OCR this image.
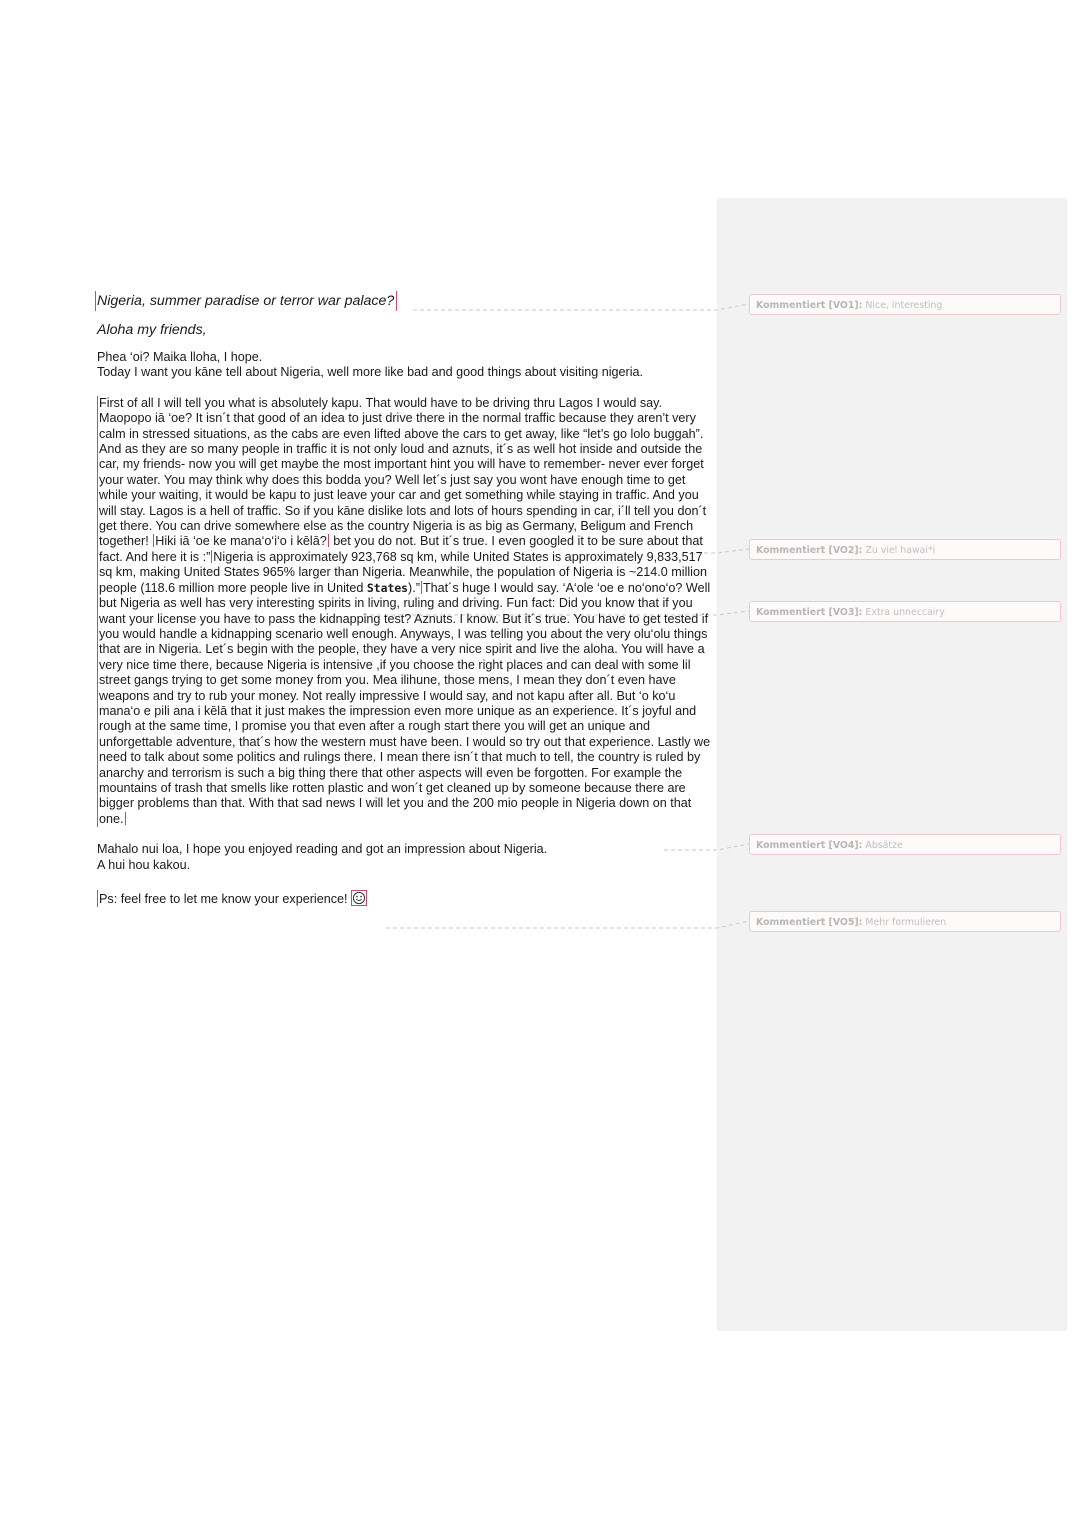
Nigeria, summer paradise or terror war palace?

Aloha my friends,

Phea ‘oi? Maika lloha, I hope.
Today I want you kāne tell about Nigeria, well more like bad and good things about visiting nigeria.

First of all I will tell you what is absolutely kapu. That would have to be driving thru Lagos I would say. Maopopo iā ‘oe? It isn´t that good of an idea to just drive there in the normal traffic because they aren’t very calm in stressed situations, as the cabs are even lifted above the cars to get away, like “let’s go lolo buggah”. And as they are so many people in traffic it is not only loud and aznuts, it´s as well hot inside and outside the car, my friends- now you will get maybe the most important hint you will have to remember- never ever forget your water. You may think why does this bodda you? Well let´s just say you wont have enough time to get while your waiting, it would be kapu to just leave your car and get something while staying in traffic. And you will stay. Lagos is a hell of traffic. So if you kāne dislike lots and lots of hours spending in car, i´ll tell you don´t get there. You can drive somewhere else as the country Nigeria is as big as Germany, Beligum and French together! Hiki iā ‘oe ke mana‘o‘i‘o i kēlā? bet you do not. But it´s true. I even googled it to be sure about that fact. And here it is :” Nigeria is approximately 923,768 sq km, while United States is approximately 9,833,517 sq km, making United States 965% larger than Nigeria. Meanwhile, the population of Nigeria is ~214.0 million people (118.6 million more people live in United States).” That´s huge I would say. ‘A‘ole ‘oe e no‘ono‘o? Well but Nigeria as well has very interesting spirits in living, ruling and driving. Fun fact: Did you know that if you want your license you have to pass the kidnapping test? Aznuts. I know. But it´s true. You have to get tested if you would handle a kidnapping scenario well enough. Anyways, I was telling you about the very olu‘olu things that are in Nigeria. Let´s begin with the people, they have a very nice spirit and live the aloha. You will have a very nice time there, because Nigeria is intensive ,if you choose the right places and can deal with some lil street gangs trying to get some money from you. Mea ilihune, those mens, I mean they don´t even have weapons and try to rub your money. Not really impressive I would say, and not kapu after all. But ‘o ko‘u mana‘o e pili ana i kēlā that it just makes the impression even more unique as an experience. It´s joyful and rough at the same time, I promise you that even after a rough start there you will get an unique and unforgettable adventure, that´s how the western must have been. I would so try out that experience. Lastly we need to talk about some politics and rulings there. I mean there isn´t that much to tell, the country is ruled by anarchy and terrorism is such a big thing there that other aspects will even be forgotten. For example the mountains of trash that smells like rotten plastic and won´t get cleaned up by someone because there are bigger problems than that. With that sad news I will let you and the 200 mio people in Nigeria down on that one.

Mahalo nui loa, I hope you enjoyed reading and got an impression about Nigeria.
A hui hou kakou.

Ps: feel free to let me know your experience!

Kommentiert [VO1]: Nice, interesting
Kommentiert [VO2]: Zu viel hawai*i
Kommentiert [VO3]: Extra unneccairy
Kommentiert [VO4]: Absätze
Kommentiert [VO5]: Mehr formulieren
